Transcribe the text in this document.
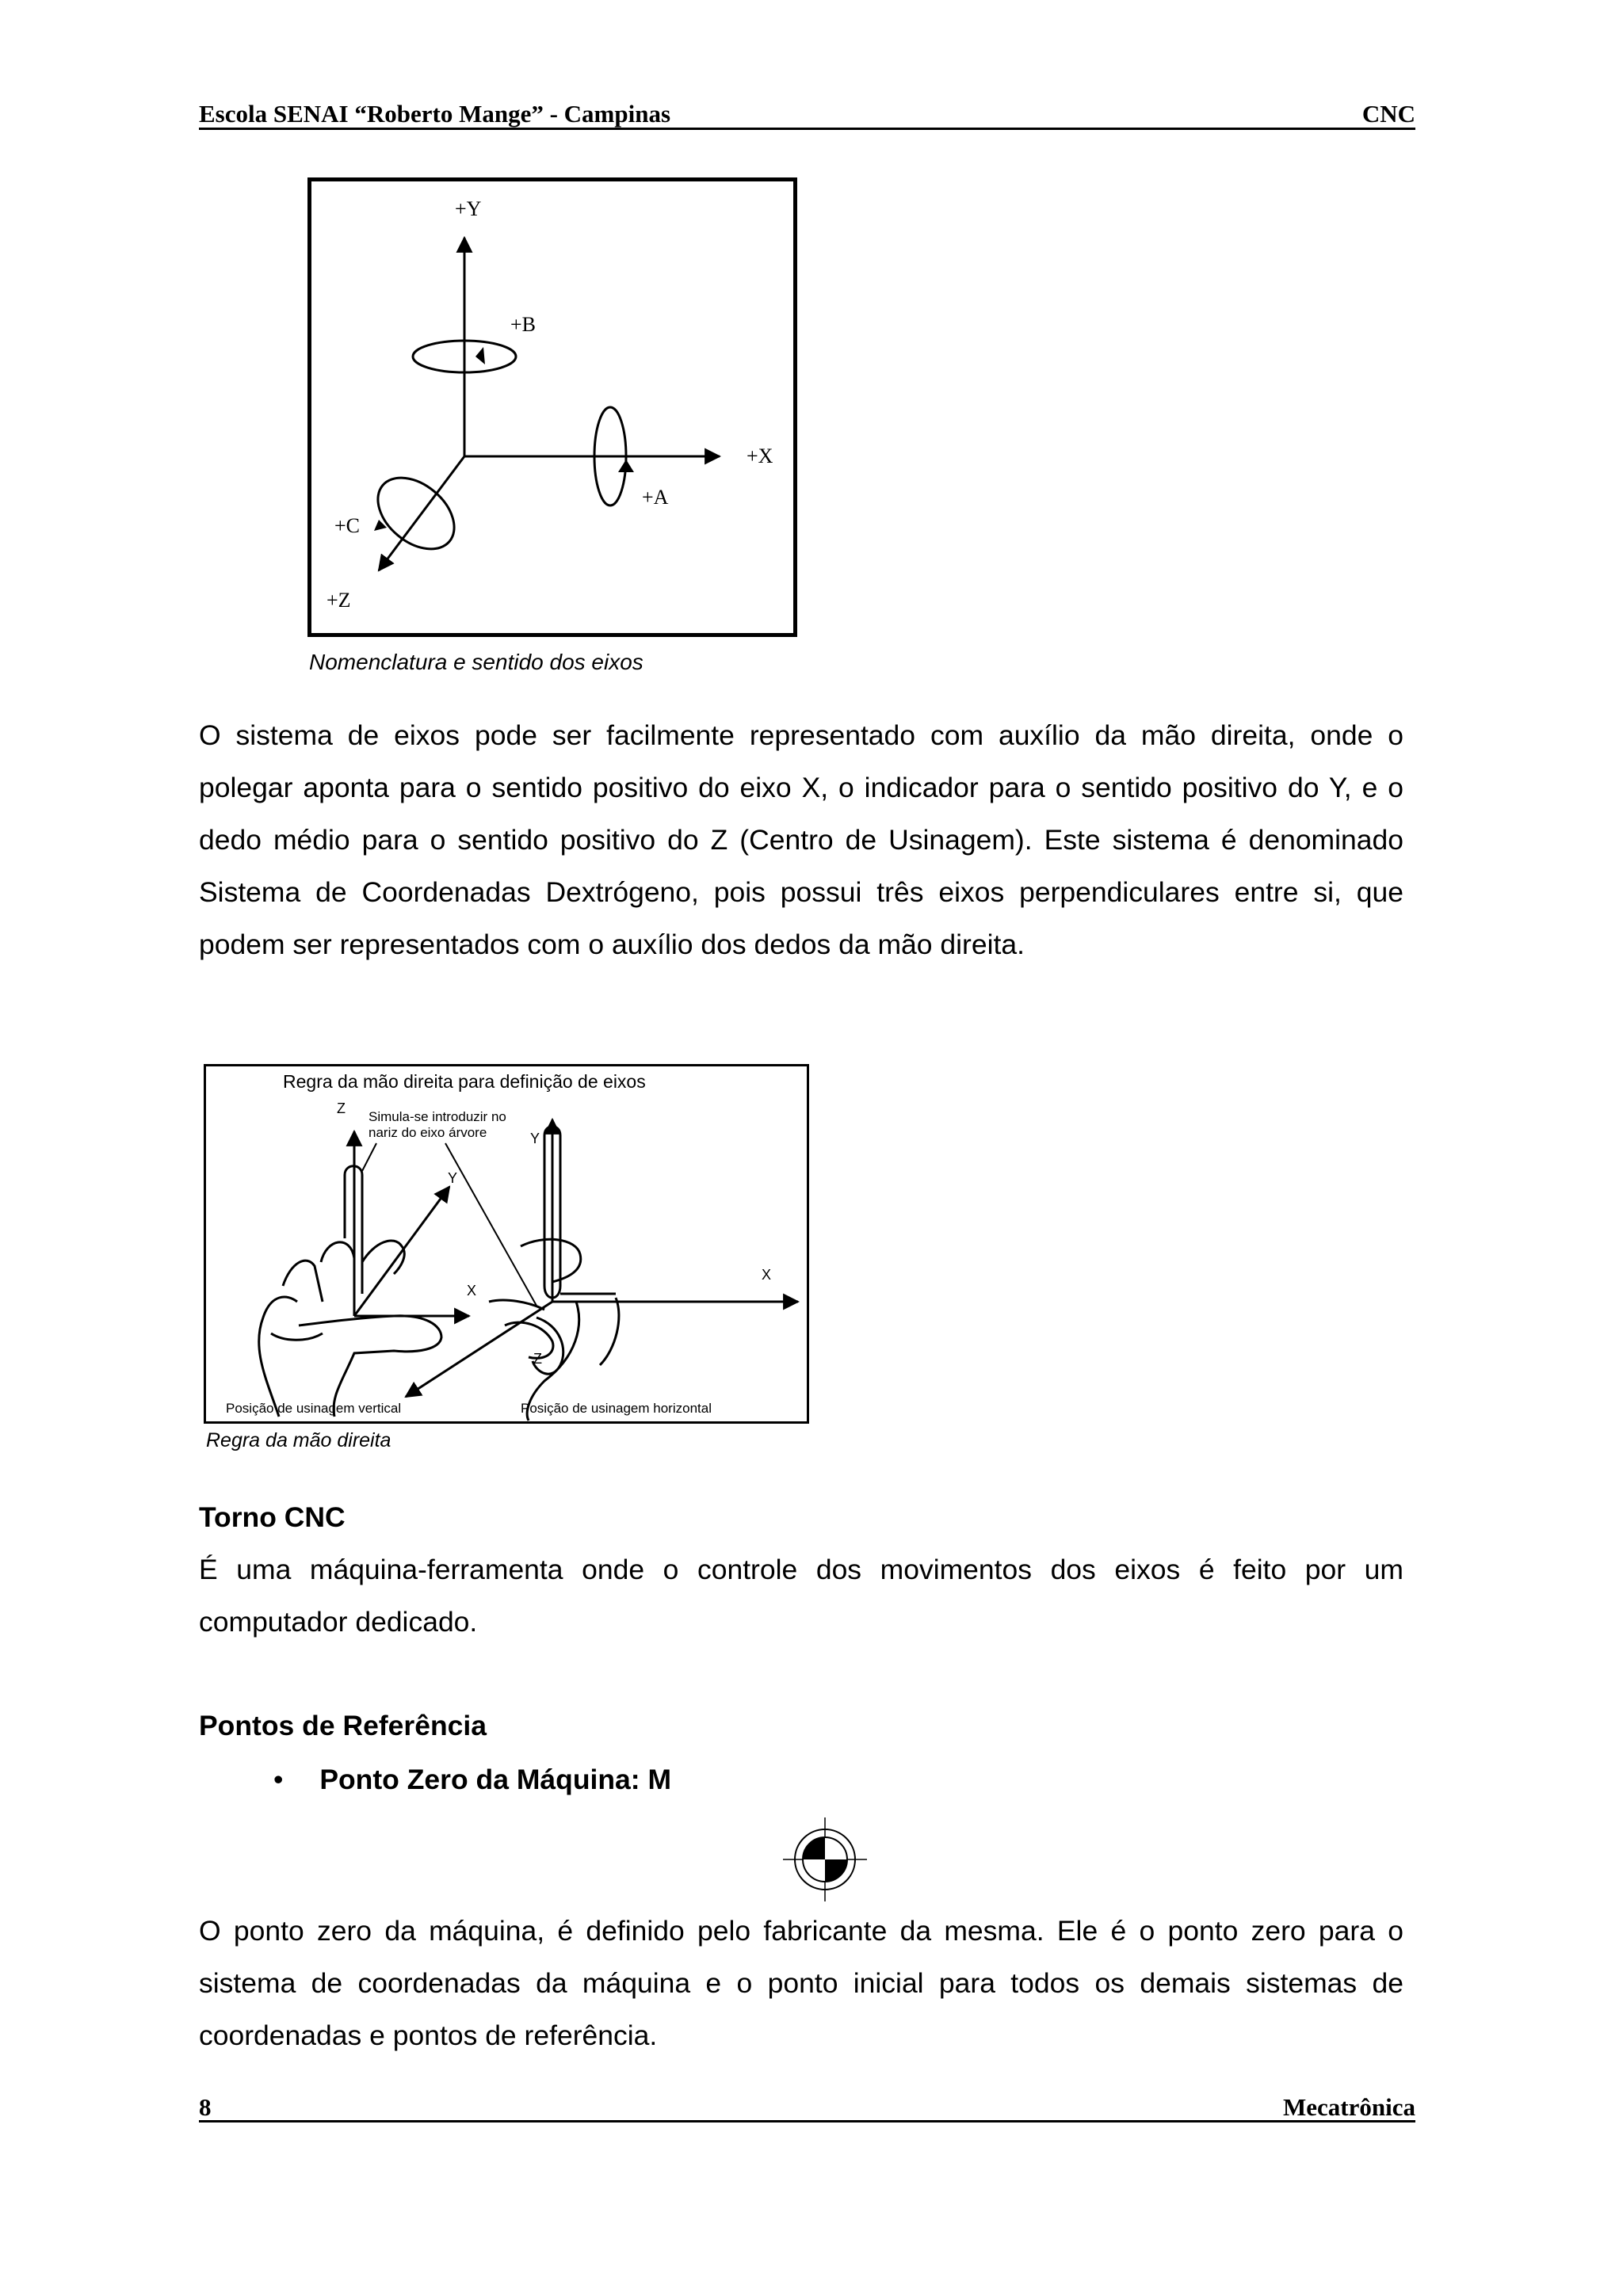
Escola SENAI “Roberto Mange” - Campinas	CNC
+Y
+B
+X
+A
+C
+Z
Nomenclatura e sentido dos eixos
O sistema de eixos pode ser facilmente representado com auxílio da mão direita, onde o polegar aponta para o sentido positivo do eixo X, o indicador para o sentido positivo do Y, e o dedo médio para o sentido positivo do Z (Centro de Usinagem). Este sistema é denominado Sistema de Coordenadas Dextrógeno, pois possui três eixos perpendiculares entre si, que podem ser representados com o auxílio dos dedos da mão direita.
Regra da mão direita para definição de eixos
Z
Y
X
Simula-se introduzir no
nariz do eixo árvore	Y
X
Z
Posição de usinagem vertical	Posição de usinagem horizontal
Regra da mão direita
Torno CNC
É uma máquina-ferramenta onde o controle dos movimentos dos eixos é feito por um computador dedicado.
Pontos de Referência
• Ponto Zero da Máquina: M
O ponto zero da máquina, é definido pelo fabricante da mesma. Ele é o ponto zero para o sistema de coordenadas da máquina e o ponto inicial para todos os demais sistemas de coordenadas e pontos de referência.
8	Mecatrônica
